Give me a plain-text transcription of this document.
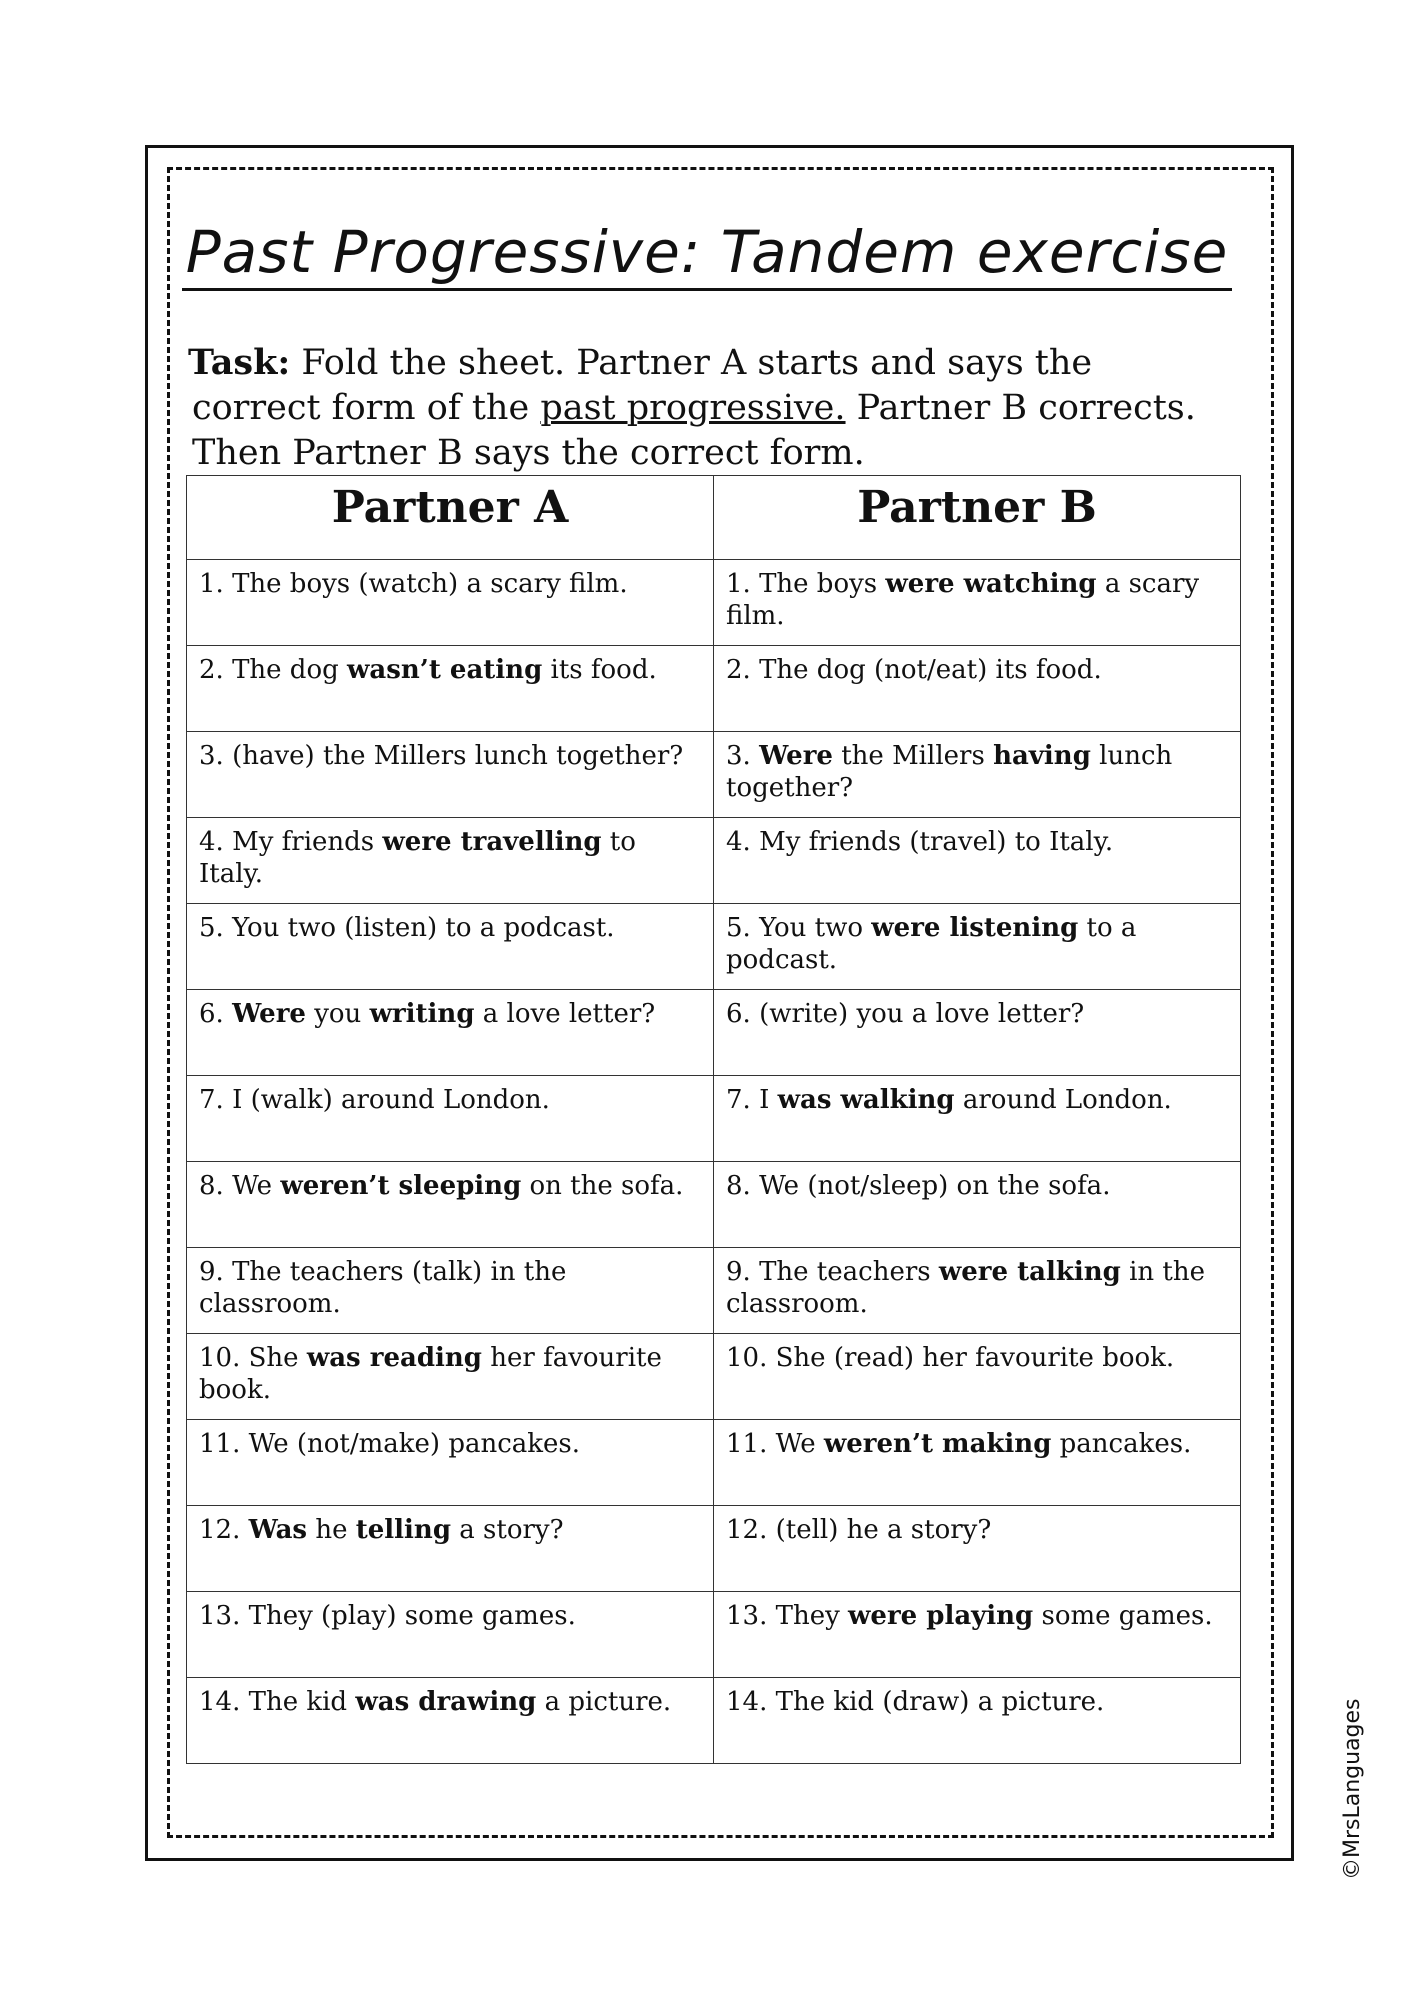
Past Progressive: Tandem exercise
Task: Fold the sheet. Partner A starts and says the
correct form of the past progressive. Partner B corrects.
Then Partner B says the correct form.
Partner A	Partner B
1. The boys (watch) a scary film.	1. The boys were watching a scary film.
2. The dog wasn’t eating its food.	2. The dog (not/eat) its food.
3. (have) the Millers lunch together?	3. Were the Millers having lunch together?
4. My friends were travelling to Italy.	4. My friends (travel) to Italy.
5. You two (listen) to a podcast.	5. You two were listening to a podcast.
6. Were you writing a love letter?	6. (write) you a love letter?
7. I (walk) around London.	7. I was walking around London.
8. We weren’t sleeping on the sofa.	8. We (not/sleep) on the sofa.
9. The teachers (talk) in the classroom.	9. The teachers were talking in the classroom.
10. She was reading her favourite book.	10. She (read) her favourite book.
11. We (not/make) pancakes.	11. We weren’t making pancakes.
12. Was he telling a story?	12. (tell) he a story?
13. They (play) some games.	13. They were playing some games.
14. The kid was drawing a picture.	14. The kid (draw) a picture.	©MrsLanguages
